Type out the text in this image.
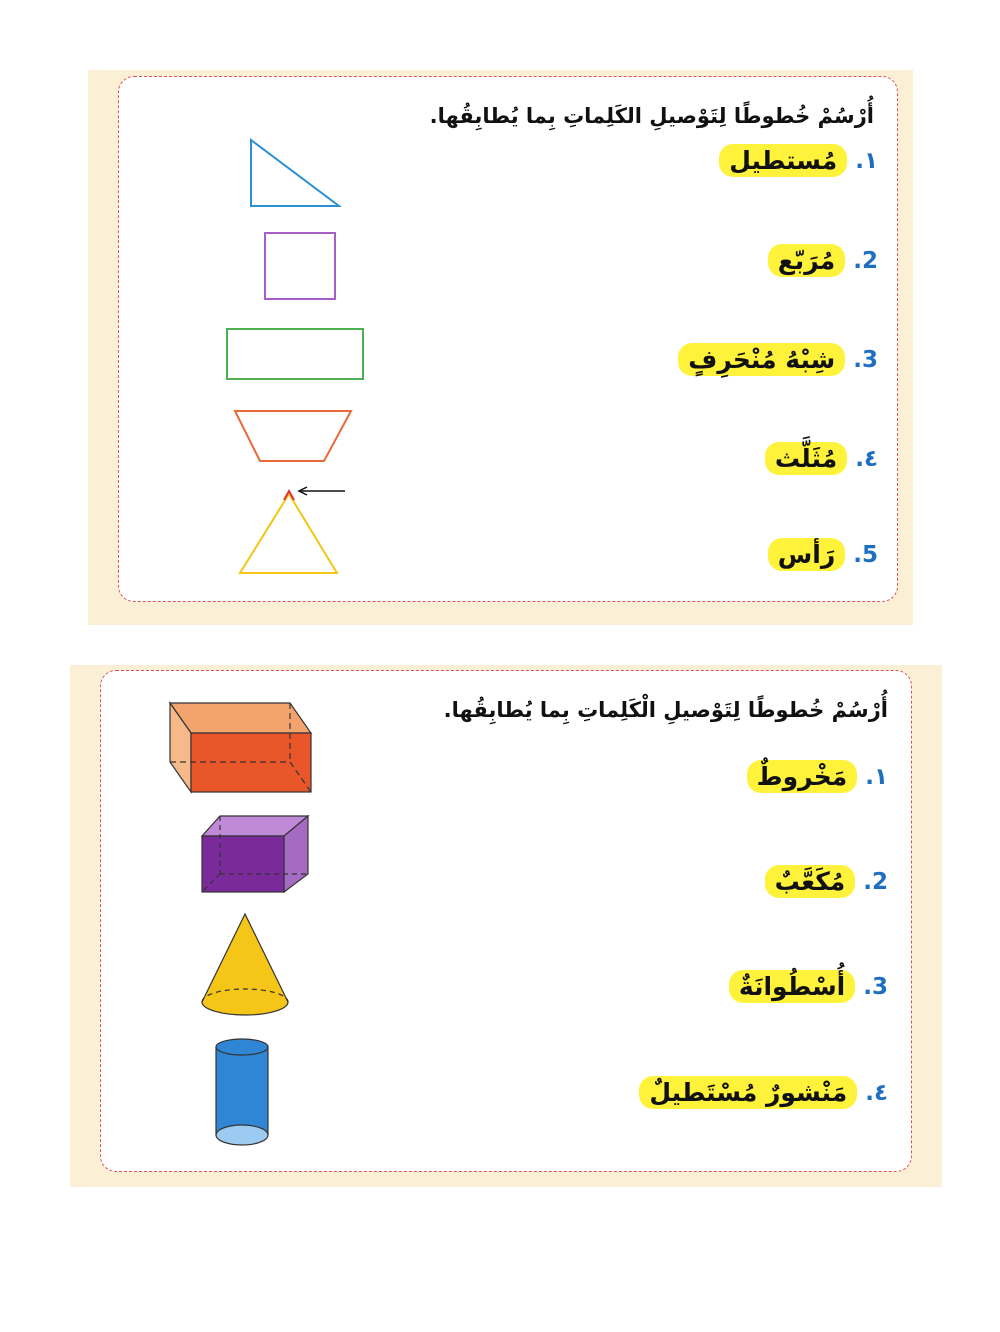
أُرْسُمْ خُطوطًا لِتَوْصيلِ الكَلِماتِ بِما يُطابِقُها.
١.
مُستطيل
2.
مُرَبّع
3.
شِبْهُ مُنْحَرِفٍ
٤.
مُثَلَّث
5.
رَأس
أُرْسُمْ خُطوطًا لِتَوْصيلِ الْكَلِماتِ بِما يُطابِقُها.
١.
مَخْروطٌ
2.
مُكَعَّبٌ
3.
أُسْطُوانَةٌ
٤.
مَنْشورٌ مُسْتَطيلٌ
